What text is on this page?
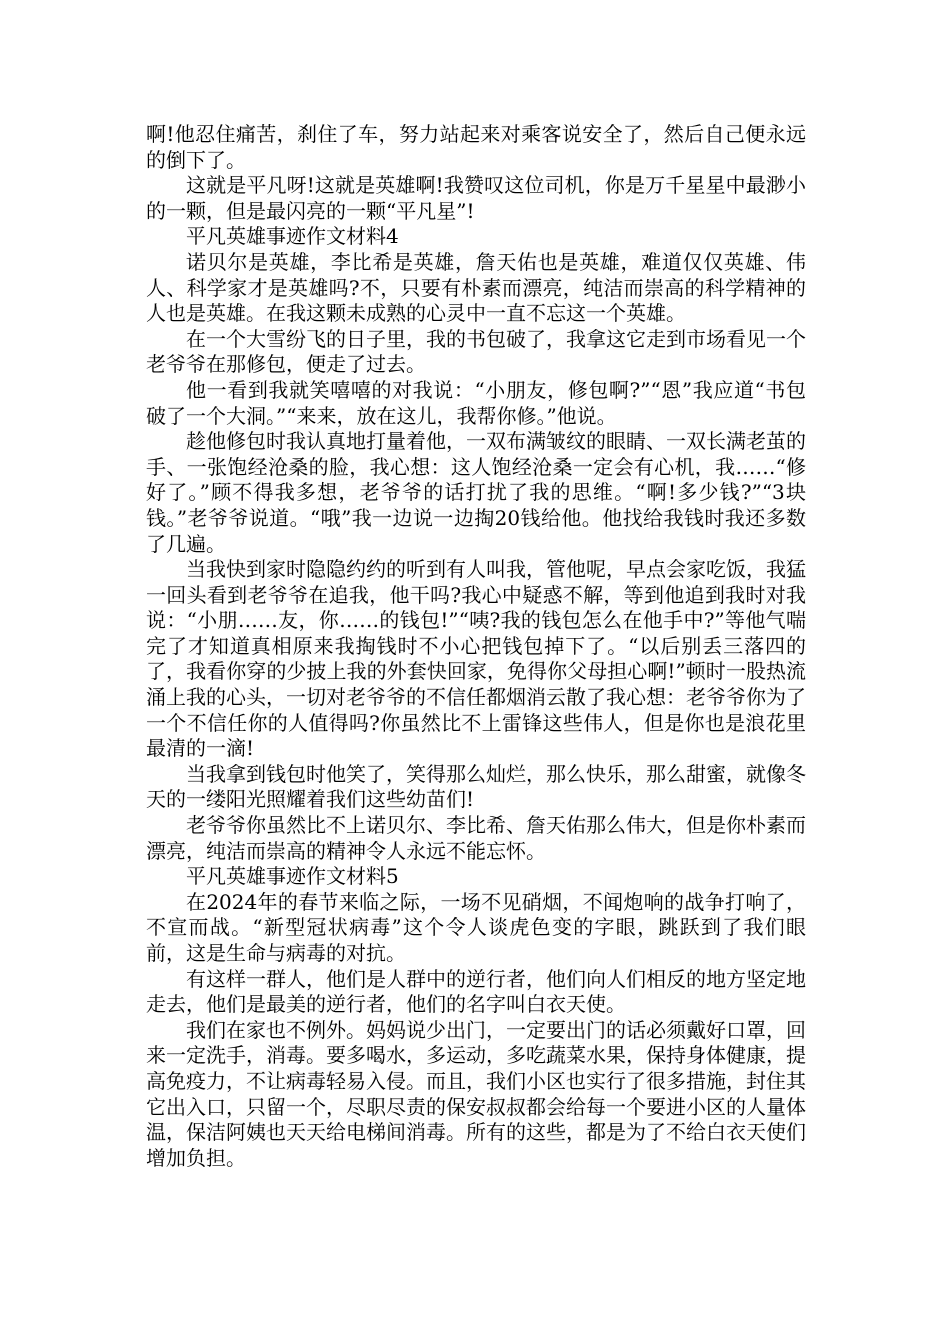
啊!他忍住痛苦，刹住了车，努力站起来对乘客说安全了，然后自己便永远的倒下了。

这就是平凡呀!这就是英雄啊!我赞叹这位司机，你是万千星星中最渺小的一颗，但是最闪亮的一颗“平凡星”!

平凡英雄事迹作文材料4

诺贝尔是英雄，李比希是英雄，詹天佑也是英雄，难道仅仅英雄、伟人、科学家才是英雄吗?不，只要有朴素而漂亮，纯洁而崇高的科学精神的人也是英雄。在我这颗未成熟的心灵中一直不忘这一个英雄。

在一个大雪纷飞的日子里，我的书包破了，我拿这它走到市场看见一个老爷爷在那修包，便走了过去。

他一看到我就笑嘻嘻的对我说：“小朋友，修包啊?”“恩”我应道“书包破了一个大洞。”“来来，放在这儿，我帮你修。”他说。

趁他修包时我认真地打量着他，一双布满皱纹的眼睛、一双长满老茧的手、一张饱经沧桑的脸，我心想：这人饱经沧桑一定会有心机，我……“修好了。”顾不得我多想，老爷爷的话打扰了我的思维。“啊!多少钱?”“3块钱。”老爷爷说道。“哦”我一边说一边掏20钱给他。他找给我钱时我还多数了几遍。

当我快到家时隐隐约约的听到有人叫我，管他呢，早点会家吃饭，我猛一回头看到老爷爷在追我，他干吗?我心中疑惑不解，等到他追到我时对我说：“小朋……友，你……的钱包!”“咦?我的钱包怎么在他手中?”等他气喘完了才知道真相原来我掏钱时不小心把钱包掉下了。“以后别丢三落四的了，我看你穿的少披上我的外套快回家，免得你父母担心啊!”顿时一股热流涌上我的心头，一切对老爷爷的不信任都烟消云散了我心想：老爷爷你为了一个不信任你的人值得吗?你虽然比不上雷锋这些伟人，但是你也是浪花里最清的一滴!

当我拿到钱包时他笑了，笑得那么灿烂，那么快乐，那么甜蜜，就像冬天的一缕阳光照耀着我们这些幼苗们!

老爷爷你虽然比不上诺贝尔、李比希、詹天佑那么伟大，但是你朴素而漂亮，纯洁而崇高的精神令人永远不能忘怀。

平凡英雄事迹作文材料5

在2024年的春节来临之际，一场不见硝烟，不闻炮响的战争打响了，不宣而战。“新型冠状病毒”这个令人谈虎色变的字眼，跳跃到了我们眼前，这是生命与病毒的对抗。

有这样一群人，他们是人群中的逆行者，他们向人们相反的地方坚定地走去，他们是最美的逆行者，他们的名字叫白衣天使。

我们在家也不例外。妈妈说少出门，一定要出门的话必须戴好口罩，回来一定洗手，消毒。要多喝水，多运动，多吃蔬菜水果，保持身体健康，提高免疫力，不让病毒轻易入侵。而且，我们小区也实行了很多措施，封住其它出入口，只留一个，尽职尽责的保安叔叔都会给每一个要进小区的人量体温，保洁阿姨也天天给电梯间消毒。所有的这些，都是为了不给白衣天使们增加负担。
